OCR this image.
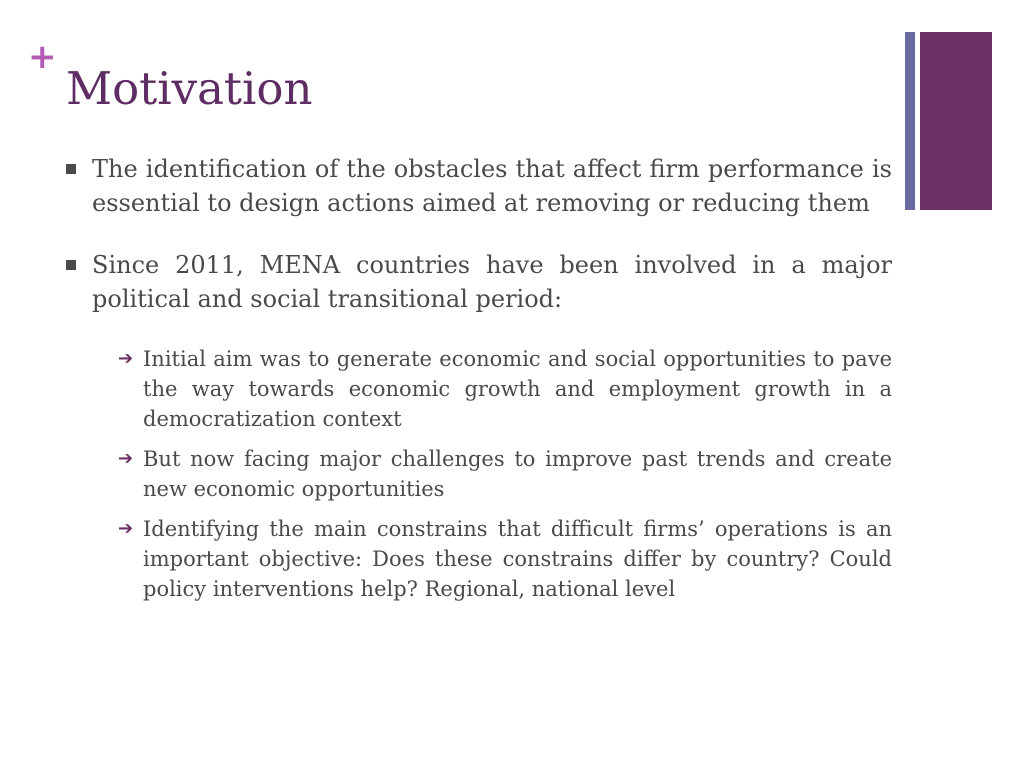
+
Motivation
The identification of the obstacles that affect firm performance is essential to design actions aimed at removing or reducing them
Since 2011, MENA countries have been involved in a major political and social transitional period:
➔ Initial aim was to generate economic and social opportunities to pave the way towards economic growth and employment growth in a democratization context
➔ But now facing major challenges to improve past trends and create new economic opportunities
➔ Identifying the main constrains that difficult firms’ operations is an important objective: Does these constrains differ by country? Could policy interventions help? Regional, national level
